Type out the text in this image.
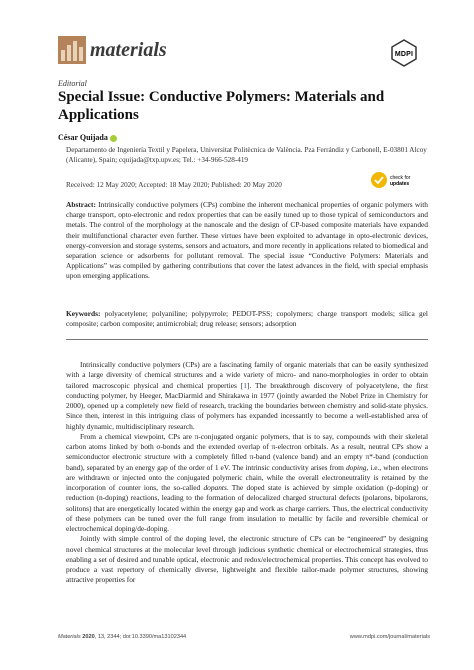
materials	MDPI
Editorial
Special Issue: Conductive Polymers: Materials and Applications
César Quijada
Departamento de Ingeniería Textil y Papelera, Universitat Politècnica de València. Pza Ferrándiz y Carbonell, E-03801 Alcoy (Alicante), Spain; cquijada@txp.upv.es; Tel.: +34-966-528-419
Received: 12 May 2020; Accepted: 18 May 2020; Published: 20 May 2020
check for
updates
Abstract: Intrinsically conductive polymers (CPs) combine the inherent mechanical properties of organic polymers with charge transport, opto-electronic and redox properties that can be easily tuned up to those typical of semiconductors and metals. The control of the morphology at the nanoscale and the design of CP-based composite materials have expanded their multifunctional character even further. These virtues have been exploited to advantage in opto-electronic devices, energy-conversion and storage systems, sensors and actuators, and more recently in applications related to biomedical and separation science or adsorbents for pollutant removal. The special issue “Conductive Polymers: Materials and Applications” was compiled by gathering contributions that cover the latest advances in the field, with special emphasis upon emerging applications.
Keywords: polyacetylene; polyaniline; polypyrrole; PEDOT-PSS; copolymers; charge transport models; silica gel composite; carbon composite; antimicrobial; drug release; sensors; adsorption

Intrinsically conductive polymers (CPs) are a fascinating family of organic materials that can be easily synthesized with a large diversity of chemical structures and a wide variety of micro- and nano-morphologies in order to obtain tailored macroscopic physical and chemical properties [1]. The breakthrough discovery of polyacetylene, the first conducting polymer, by Heeger, MacDiarmid and Shirakawa in 1977 (jointly awarded the Nobel Prize in Chemistry for 2000), opened up a completely new field of research, tracking the boundaries between chemistry and solid-state physics. Since then, interest in this intriguing class of polymers has expanded incessantly to become a well-established area of highly dynamic, multidisciplinary research.

From a chemical viewpoint, CPs are π-conjugated organic polymers, that is to say, compounds with their skeletal carbon atoms linked by both σ-bonds and the extended overlap of π-electron orbitals. As a result, neutral CPs show a semiconductor electronic structure with a completely filled π-band (valence band) and an empty π*-band (conduction band), separated by an energy gap of the order of 1 eV. The intrinsic conductivity arises from doping, i.e., when electrons are withdrawn or injected onto the conjugated polymeric chain, while the overall electroneutrality is retained by the incorporation of counter ions, the so-called dopants. The doped state is achieved by simple oxidation (p-doping) or reduction (n-doping) reactions, leading to the formation of delocalized charged structural defects (polarons, bipolarons, solitons) that are energetically located within the energy gap and work as charge carriers. Thus, the electrical conductivity of these polymers can be tuned over the full range from insulation to metallic by facile and reversible chemical or electrochemical doping/de-doping.

Jointly with simple control of the doping level, the electronic structure of CPs can be “engineered” by designing novel chemical structures at the molecular level through judicious synthetic chemical or electrochemical strategies, thus enabling a set of desired and tunable optical, electronic and redox/electrochemical properties. This concept has evolved to produce a vast repertory of chemically diverse, lightweight and flexible tailor-made polymer structures, showing attractive properties for

Materials 2020, 13, 2344; doi:10.3390/ma13102344	www.mdpi.com/journal/materials
